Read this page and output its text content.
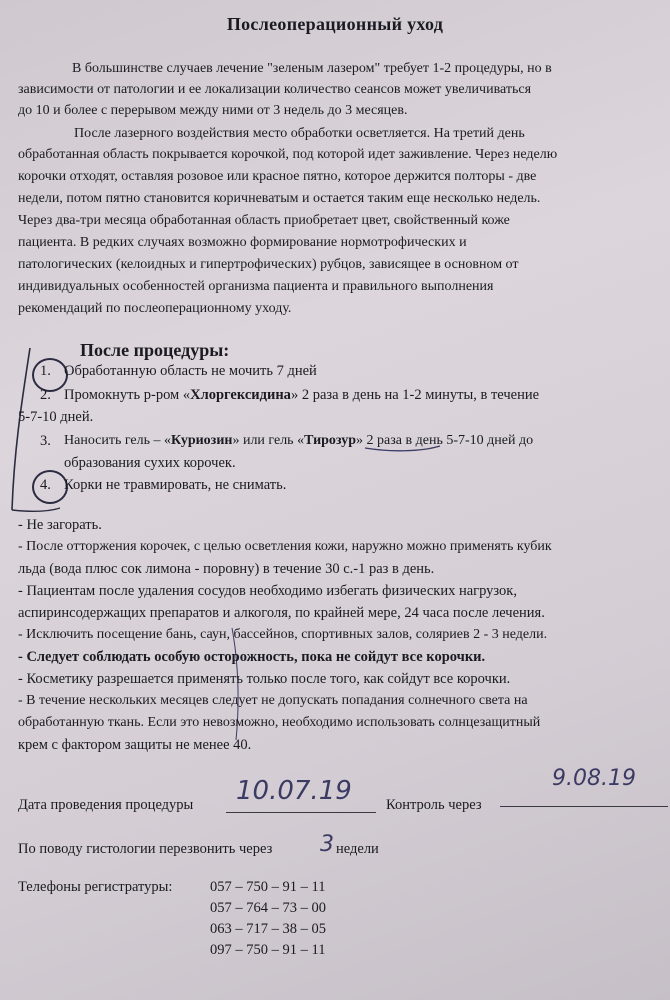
Послеоперационный уход
В большинстве случаев лечение "зеленым лазером" требует 1-2 процедуры, но в
зависимости от патологии и ее локализации количество сеансов может увеличиваться
до 10 и более с перерывом между ними от 3 недель до 3 месяцев.
После лазерного воздействия место обработки осветляется. На третий день
обработанная область покрывается корочкой, под которой идет заживление. Через неделю
корочки отходят, оставляя розовое или красное пятно, которое держится полторы - две
недели, потом пятно становится коричневатым и остается таким еще несколько недель.
Через два-три месяца обработанная область приобретает цвет, свойственный коже
пациента. В редких случаях возможно формирование нормотрофических и
патологических (келоидных и гипертрофических) рубцов, зависящее в основном от
индивидуальных особенностей организма пациента и правильного выполнения
рекомендаций по послеоперационному уходу.
После процедуры:
1. Обработанную область не мочить 7 дней
2. Промокнуть р-ром «Хлоргексидина» 2 раза в день на 1-2 минуты, в течение
5-7-10 дней.
3. Наносить гель – «Куриозин» или гель «Тирозур» 2 раза в день 5-7-10 дней до
образования сухих корочек.
4. Корки не травмировать, не снимать.
- Не загорать.
- После отторжения корочек, с целью осветления кожи, наружно можно применять кубик
льда (вода плюс сок лимона - поровну) в течение 30 с.-1 раз в день.
- Пациентам после удаления сосудов необходимо избегать физических нагрузок,
аспиринсодержащих препаратов и алкоголя, по крайней мере, 24 часа после лечения.
- Исключить посещение бань, саун, бассейнов, спортивных залов, соляриев 2 - 3 недели.
- Следует соблюдать особую осторожность, пока не сойдут все корочки.
- Косметику разрешается применять только после того, как сойдут все корочки.
- В течение нескольких месяцев следует не допускать попадания солнечного света на
обработанную ткань. Если это невозможно, необходимо использовать солнцезащитный
крем с фактором защиты не менее 40.
Дата проведения процедуры 10.07.19 Контроль через
9.08.19
По поводу гистологии перезвонить через 3 недели
Телефоны регистратуры:	057 – 750 – 91 – 11
057 – 764 – 73 – 00
063 – 717 – 38 – 05
097 – 750 – 91 – 11
